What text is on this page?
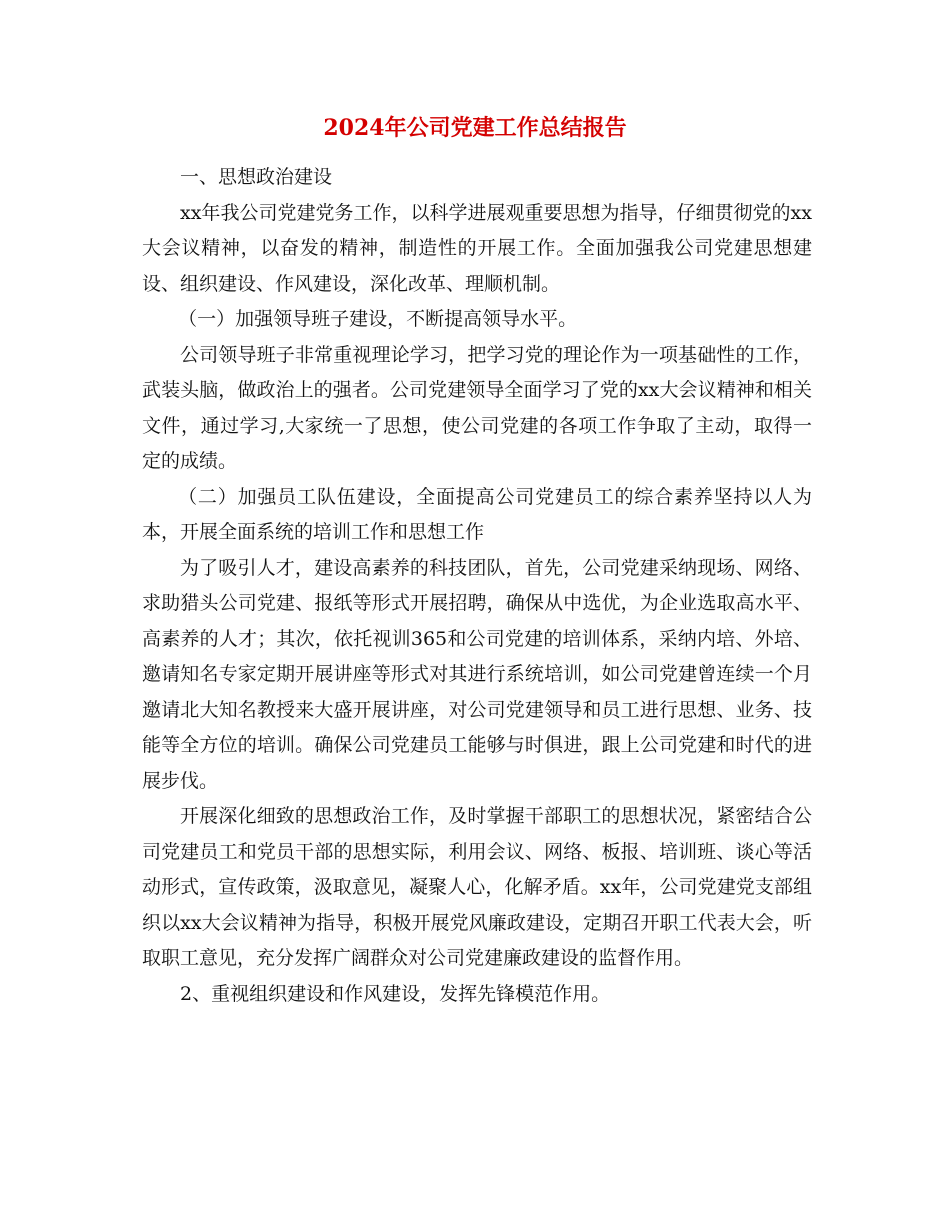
2024年公司党建工作总结报告

一、思想政治建设

xx年我公司党建党务工作，以科学进展观重要思想为指导，仔细贯彻党的xx大会议精神，以奋发的精神，制造性的开展工作。全面加强我公司党建思想建设、组织建设、作风建设，深化改革、理顺机制。

（一）加强领导班子建设，不断提高领导水平。

公司领导班子非常重视理论学习，把学习党的理论作为一项基础性的工作，武装头脑，做政治上的强者。公司党建领导全面学习了党的xx大会议精神和相关文件，通过学习,大家统一了思想，使公司党建的各项工作争取了主动，取得一定的成绩。

（二）加强员工队伍建设，全面提高公司党建员工的综合素养坚持以人为本，开展全面系统的培训工作和思想工作

为了吸引人才，建设高素养的科技团队，首先，公司党建采纳现场、网络、求助猎头公司党建、报纸等形式开展招聘，确保从中选优，为企业选取高水平、高素养的人才；其次，依托视训365和公司党建的培训体系，采纳内培、外培、邀请知名专家定期开展讲座等形式对其进行系统培训，如公司党建曾连续一个月邀请北大知名教授来大盛开展讲座，对公司党建领导和员工进行思想、业务、技能等全方位的培训。确保公司党建员工能够与时俱进，跟上公司党建和时代的进展步伐。

开展深化细致的思想政治工作，及时掌握干部职工的思想状况，紧密结合公司党建员工和党员干部的思想实际，利用会议、网络、板报、培训班、谈心等活动形式，宣传政策，汲取意见，凝聚人心，化解矛盾。xx年，公司党建党支部组织以xx大会议精神为指导，积极开展党风廉政建设，定期召开职工代表大会，听取职工意见，充分发挥广阔群众对公司党建廉政建设的监督作用。

2、重视组织建设和作风建设，发挥先锋模范作用。
